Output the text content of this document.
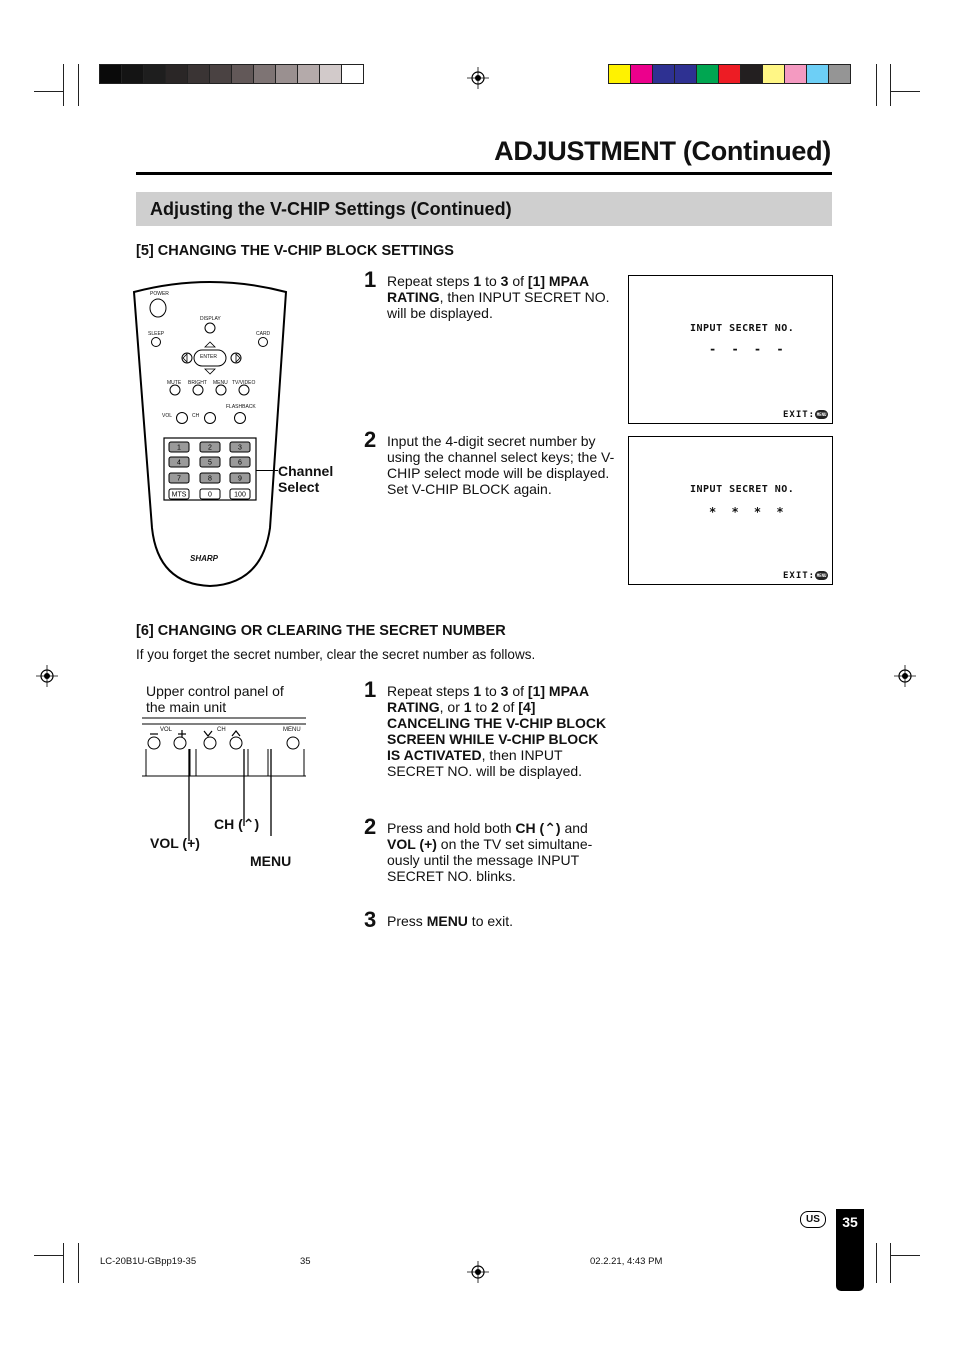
ADJUSTMENT (Continued)
Adjusting the V-CHIP Settings (Continued)
[5] CHANGING THE V-CHIP BLOCK SETTINGS
1	2	3
4	5	6
7	8	9
MTS	0	100
POWER
DISPLAY
SLEEP	CARD
ENTER
MUTE BRIGHT MENU TV/VIDEO
VOL	CH
FLASHBACK
SHARP
Channel Select
1 Repeat steps 1 to 3 of [1] MPAA RATING, then INPUT SECRET NO. will be displayed.
2 Input the 4-digit secret number by using the channel select keys; the V-CHIP select mode will be displayed. Set V-CHIP BLOCK again.
INPUT SECRET NO.
- - - -
EXIT: MENU
INPUT SECRET NO.
* * * *
EXIT: MENU
[6] CHANGING OR CLEARING THE SECRET NUMBER
If you forget the secret number, clear the secret number as follows.
Upper control panel of the main unit
VOL	CH	MENU
CH (⌃)
VOL (+)
MENU
1 Repeat steps 1 to 3 of [1] MPAA RATING, or 1 to 2 of [4] CANCELING THE V-CHIP BLOCK SCREEN WHILE V-CHIP BLOCK IS ACTIVATED, then INPUT SECRET NO. will be displayed.
2 Press and hold both CH (⌃) and VOL (+) on the TV set simultane-ously until the message INPUT SECRET NO. blinks.
3 Press MENU to exit.
US	35
LC-20B1U-GBpp19-35	35	02.2.21, 4:43 PM
